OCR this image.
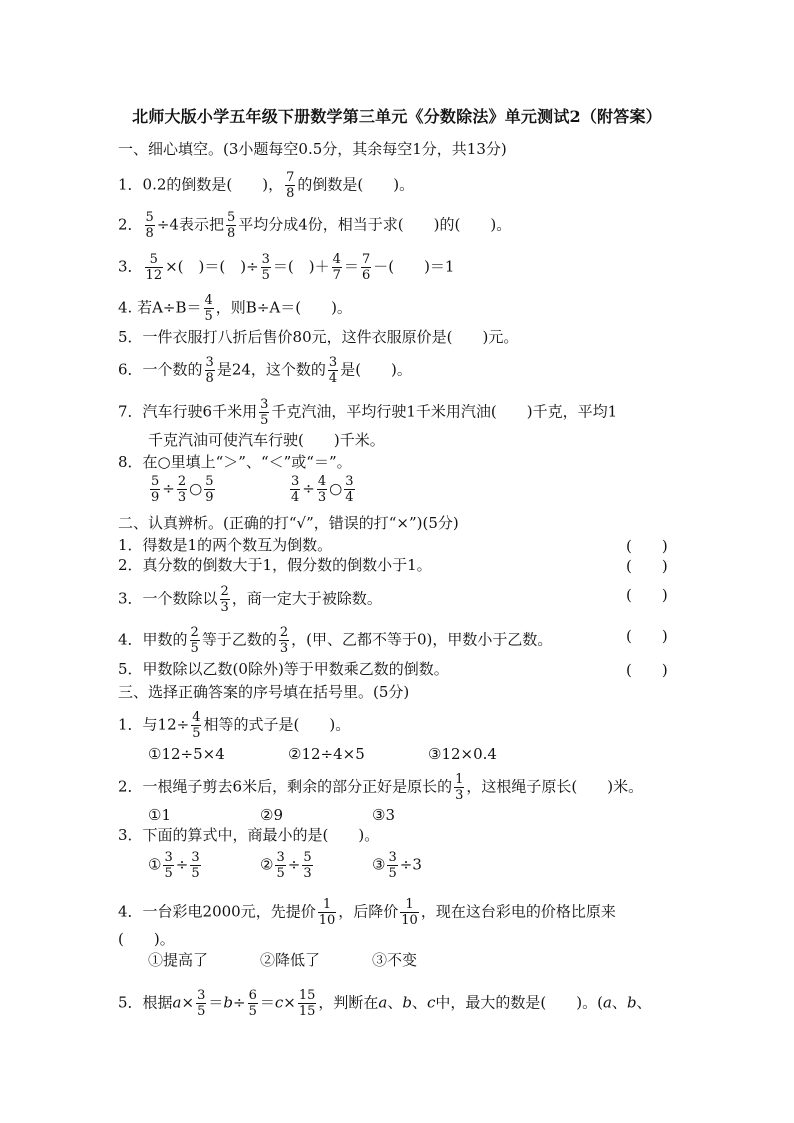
北师大版小学五年级下册数学第三单元《分数除法》单元测试2（附答案）
一、细心填空。(3小题每空0.5分，其余每空1分，共13分)
1．0.2的倒数是(　　)， $\frac{7}{8}$ 的倒数是(　　)。
2． $\frac{5}{8} \div 4$表示把 $\frac{5}{8}$ 平均分成4份，相当于求(　　)的(　　)。
3． $\frac{5}{12}$ ×(　)＝(　)÷ $\frac{3}{5}$ ＝(　)＋ $\frac{4}{7} = \frac{7}{6}$ －(　　)＝1
4. 若$A\div B= \frac{4}{5}$ ，则B÷A＝(　　)。
5．一件衣服打八折后售价80元，这件衣服原价是(　　)元。
6．一个数的 $\frac{3}{8}$ 是24，这个数的 $\frac{3}{4}$ 是(　　)。
7．汽车行驶6千米用 $\frac{3}{5}$ 千克汽油，平均行驶1千米用汽油(　　)千克，平均1
千克汽油可使汽车行驶(　　)千米。
8．在○里填上“＞”、“＜”或“＝”。
$\frac{5}{9} \div \frac{2}{3}$ ○ $\frac{5}{9}$	$\frac{3}{4} \div \frac{4}{3}$ ○ $\frac{3}{4}$
二、认真辨析。(正确的打“√”，错误的打“×”)(5分)
1．得数是1的两个数互为倒数。	(　　)
2．真分数的倒数大于1，假分数的倒数小于1。	(　　)
3．一个数除以 $\frac{2}{3}$ ，商一定大于被除数。	(　　)
4．甲数的 $\frac{2}{5}$ 等于乙数的 $\frac{2}{3}$ ，(甲、乙都不等于0)，甲数小于乙数。	(　　)
5．甲数除以乙数(0除外)等于甲数乘乙数的倒数。	(　　)
三、选择正确答案的序号填在括号里。(5分)
1．与$12\div \frac{4}{5}$ 相等的式子是(　　)。
①12÷5×4	②12÷4×5	③12×0.4
2．一根绳子剪去6米后，剩余的部分正好是原长的 $\frac{1}{3}$ ，这根绳子原长(　　)米。
①1	②9	③3
3．下面的算式中，商最小的是(　　)。
① $\frac{3}{5} \div \frac{3}{5}$	② $\frac{3}{5} \div \frac{5}{3}$	③ $\frac{3}{5} \div 3$
4．一台彩电2000元，先提价 $\frac{1}{10}$ ，后降价 $\frac{1}{10}$ ，现在这台彩电的价格比原来
(　　)。
①提高了	②降低了	③不变
5．根据$a\times \frac{3}{5} =b\div \frac{6}{5} =c\times \frac{15}{15}$ ，判断在a、b、c中，最大的数是(　　)。(a、b、
